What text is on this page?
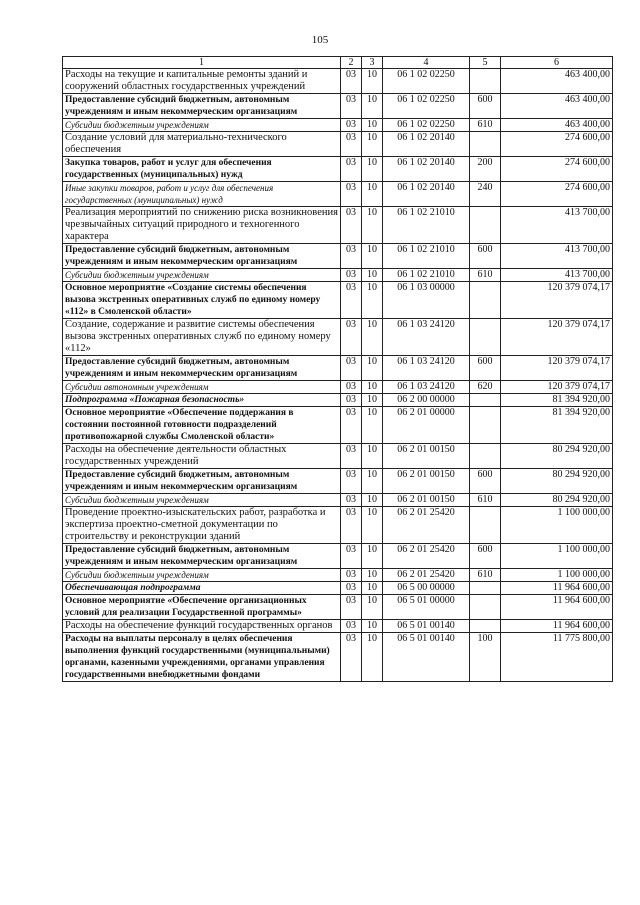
105
1	2	3	4	5	6
Расходы на текущие и капитальные ремонты зданий и сооружений областных государственных учреждений	03	10	06 1 02 02250		463 400,00
Предоставление субсидий бюджетным, автономным учреждениям и иным некоммерческим организациям	03	10	06 1 02 02250	600	463 400,00
Субсидии бюджетным учреждениям	03	10	06 1 02 02250	610	463 400,00
Создание условий для материально-технического обеспечения	03	10	06 1 02 20140		274 600,00
Закупка товаров, работ и услуг для обеспечения государственных (муниципальных) нужд	03	10	06 1 02 20140	200	274 600,00
Иные закупки товаров, работ и услуг для обеспечения государственных (муниципальных) нужд	03	10	06 1 02 20140	240	274 600,00
Реализация мероприятий по снижению риска возникновения чрезвычайных ситуаций природного и техногенного характера	03	10	06 1 02 21010		413 700,00
Предоставление субсидий бюджетным, автономным учреждениям и иным некоммерческим организациям	03	10	06 1 02 21010	600	413 700,00
Субсидии бюджетным учреждениям	03	10	06 1 02 21010	610	413 700,00
Основное мероприятие «Создание системы обеспечения вызова экстренных оперативных служб по единому номеру «112» в Смоленской области»	03	10	06 1 03 00000		120 379 074,17
Создание, содержание и развитие системы обеспечения вызова экстренных оперативных служб по единому номеру «112»	03	10	06 1 03 24120		120 379 074,17
Предоставление субсидий бюджетным, автономным учреждениям и иным некоммерческим организациям	03	10	06 1 03 24120	600	120 379 074,17
Субсидии автономным учреждениям	03	10	06 1 03 24120	620	120 379 074,17
Подпрограмма «Пожарная безопасность»	03	10	06 2 00 00000		81 394 920,00
Основное мероприятие «Обеспечение поддержания в состоянии постоянной готовности подразделений противопожарной службы Смоленской области»	03	10	06 2 01 00000		81 394 920,00
Расходы на обеспечение деятельности областных государственных учреждений	03	10	06 2 01 00150		80 294 920,00
Предоставление субсидий бюджетным, автономным учреждениям и иным некоммерческим организациям	03	10	06 2 01 00150	600	80 294 920,00
Субсидии бюджетным учреждениям	03	10	06 2 01 00150	610	80 294 920,00
Проведение проектно-изыскательских работ, разработка и экспертиза проектно-сметной документации по строительству и реконструкции зданий	03	10	06 2 01 25420		1 100 000,00
Предоставление субсидий бюджетным, автономным учреждениям и иным некоммерческим организациям	03	10	06 2 01 25420	600	1 100 000,00
Субсидии бюджетным учреждениям	03	10	06 2 01 25420	610	1 100 000,00
Обеспечивающая подпрограмма	03	10	06 5 00 00000		11 964 600,00
Основное мероприятие «Обеспечение организационных условий для реализации Государственной программы»	03	10	06 5 01 00000		11 964 600,00
Расходы на обеспечение функций государственных органов	03	10	06 5 01 00140		11 964 600,00
Расходы на выплаты персоналу в целях обеспечения выполнения функций государственными (муниципальными) органами, казенными учреждениями, органами управления государственными внебюджетными фондами	03	10	06 5 01 00140	100	11 775 800,00
